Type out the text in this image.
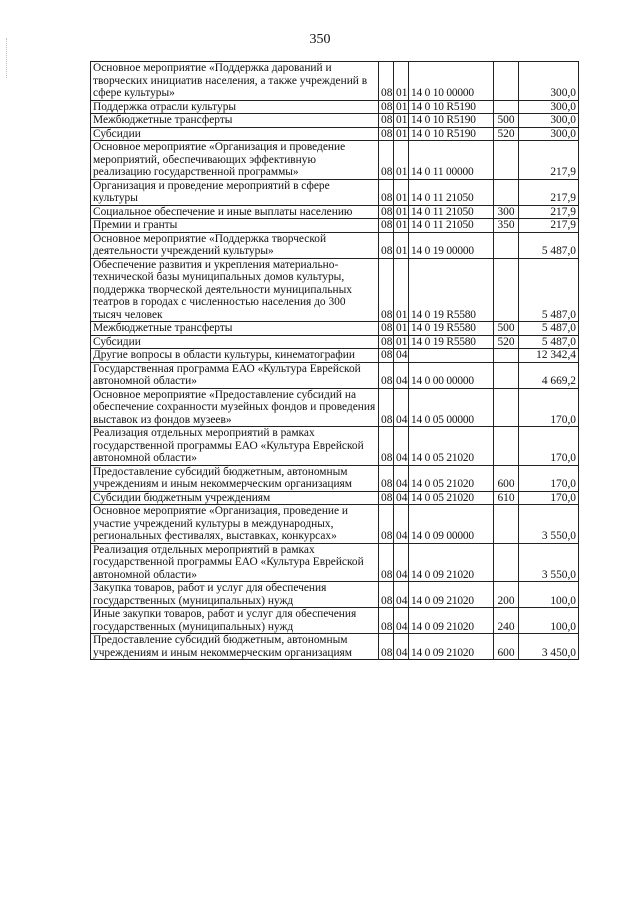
350
Основное мероприятие «Поддержка дарований и творческих инициатив населения, а также учреждений в сфере культуры»	08	01	14 0 10 00000		300,0
Поддержка отрасли культуры	08	01	14 0 10 R5190		300,0
Межбюджетные трансферты	08	01	14 0 10 R5190	500	300,0
Субсидии	08	01	14 0 10 R5190	520	300,0
Основное мероприятие «Организация и проведение мероприятий, обеспечивающих эффективную реализацию государственной программы»	08	01	14 0 11 00000		217,9
Организация и проведение мероприятий в сфере культуры	08	01	14 0 11 21050		217,9
Социальное обеспечение и иные выплаты населению	08	01	14 0 11 21050	300	217,9
Премии и гранты	08	01	14 0 11 21050	350	217,9
Основное мероприятие «Поддержка творческой деятельности учреждений культуры»	08	01	14 0 19 00000		5 487,0
Обеспечение развития и укрепления материально-технической базы муниципальных домов культуры, поддержка творческой деятельности муниципальных театров в городах с численностью населения до 300 тысяч человек	08	01	14 0 19 R5580		5 487,0
Межбюджетные трансферты	08	01	14 0 19 R5580	500	5 487,0
Субсидии	08	01	14 0 19 R5580	520	5 487,0
Другие вопросы в области культуры, кинематографии	08	04			12 342,4
Государственная программа ЕАО «Культура Еврейской автономной области»	08	04	14 0 00 00000		4 669,2
Основное мероприятие «Предоставление субсидий на обеспечение сохранности музейных фондов и проведения выставок из фондов музеев»	08	04	14 0 05 00000		170,0
Реализация отдельных мероприятий в рамках государственной программы ЕАО «Культура Еврейской автономной области»	08	04	14 0 05 21020		170,0
Предоставление субсидий бюджетным, автономным учреждениям и иным некоммерческим организациям	08	04	14 0 05 21020	600	170,0
Субсидии бюджетным учреждениям	08	04	14 0 05 21020	610	170,0
Основное мероприятие «Организация, проведение и участие учреждений культуры в международных, региональных фестивалях, выставках, конкурсах»	08	04	14 0 09 00000		3 550,0
Реализация отдельных мероприятий в рамках государственной программы ЕАО «Культура Еврейской автономной области»	08	04	14 0 09 21020		3 550,0
Закупка товаров, работ и услуг для обеспечения государственных (муниципальных) нужд	08	04	14 0 09 21020	200	100,0
Иные закупки товаров, работ и услуг для обеспечения государственных (муниципальных) нужд	08	04	14 0 09 21020	240	100,0
Предоставление субсидий бюджетным, автономным учреждениям и иным некоммерческим организациям	08	04	14 0 09 21020	600	3 450,0
